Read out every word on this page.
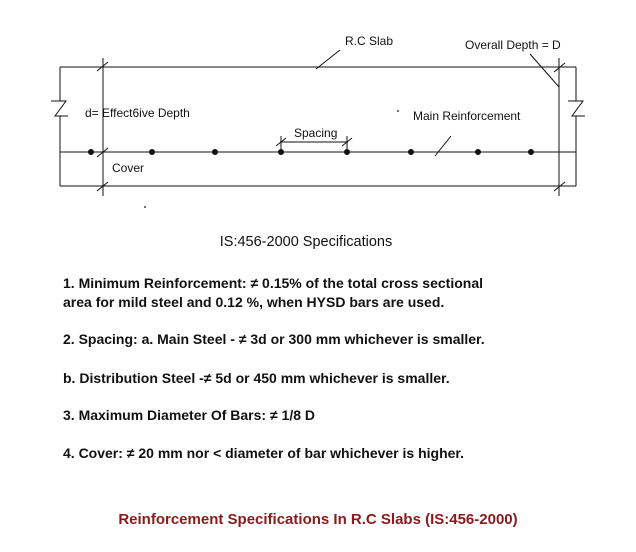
R.C Slab	Overall Depth = D
d= Effect6ive Depth	Main Reinforcement
Spacing
Cover
IS:456-2000 Specifications
1. Minimum Reinforcement: ≠ 0.15% of the total cross sectional
area for mild steel and 0.12 %, when HYSD bars are used.
2. Spacing: a. Main Steel - ≠ 3d or 300 mm whichever is smaller.
b. Distribution Steel -≠ 5d or 450 mm whichever is smaller.
3. Maximum Diameter Of Bars: ≠ 1/8 D
4. Cover: ≠ 20 mm nor < diameter of bar whichever is higher.
Reinforcement Specifications In R.C Slabs (IS:456-2000)
